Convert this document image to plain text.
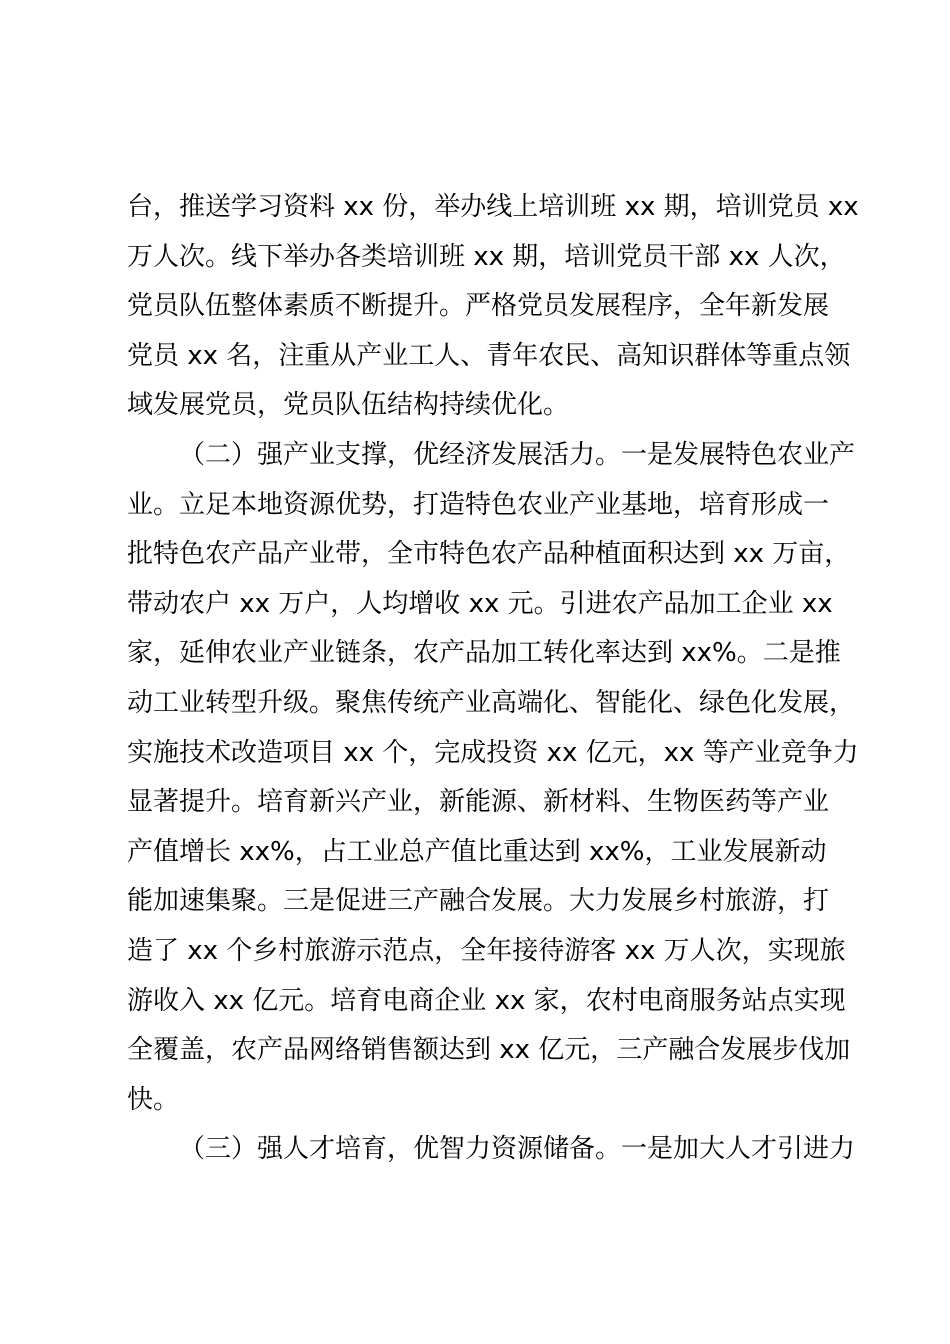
台，推送学习资料 xx 份，举办线上培训班 xx 期，培训党员 xx
万人次。线下举办各类培训班 xx 期，培训党员干部 xx 人次，
党员队伍整体素质不断提升。严格党员发展程序，全年新发展
党员 xx 名，注重从产业工人、青年农民、高知识群体等重点领
域发展党员，党员队伍结构持续优化。
（二）强产业支撑，优经济发展活力。一是发展特色农业产
业。立足本地资源优势，打造特色农业产业基地，培育形成一
批特色农产品产业带，全市特色农产品种植面积达到 xx 万亩，
带动农户 xx 万户，人均增收 xx 元。引进农产品加工企业 xx
家，延伸农业产业链条，农产品加工转化率达到 xx%。二是推
动工业转型升级。聚焦传统产业高端化、智能化、绿色化发展，
实施技术改造项目 xx 个，完成投资 xx 亿元，xx 等产业竞争力
显著提升。培育新兴产业，新能源、新材料、生物医药等产业
产值增长 xx%，占工业总产值比重达到 xx%，工业发展新动
能加速集聚。三是促进三产融合发展。大力发展乡村旅游，打
造了 xx 个乡村旅游示范点，全年接待游客 xx 万人次，实现旅
游收入 xx 亿元。培育电商企业 xx 家，农村电商服务站点实现
全覆盖，农产品网络销售额达到 xx 亿元，三产融合发展步伐加
快。
（三）强人才培育，优智力资源储备。一是加大人才引进力
